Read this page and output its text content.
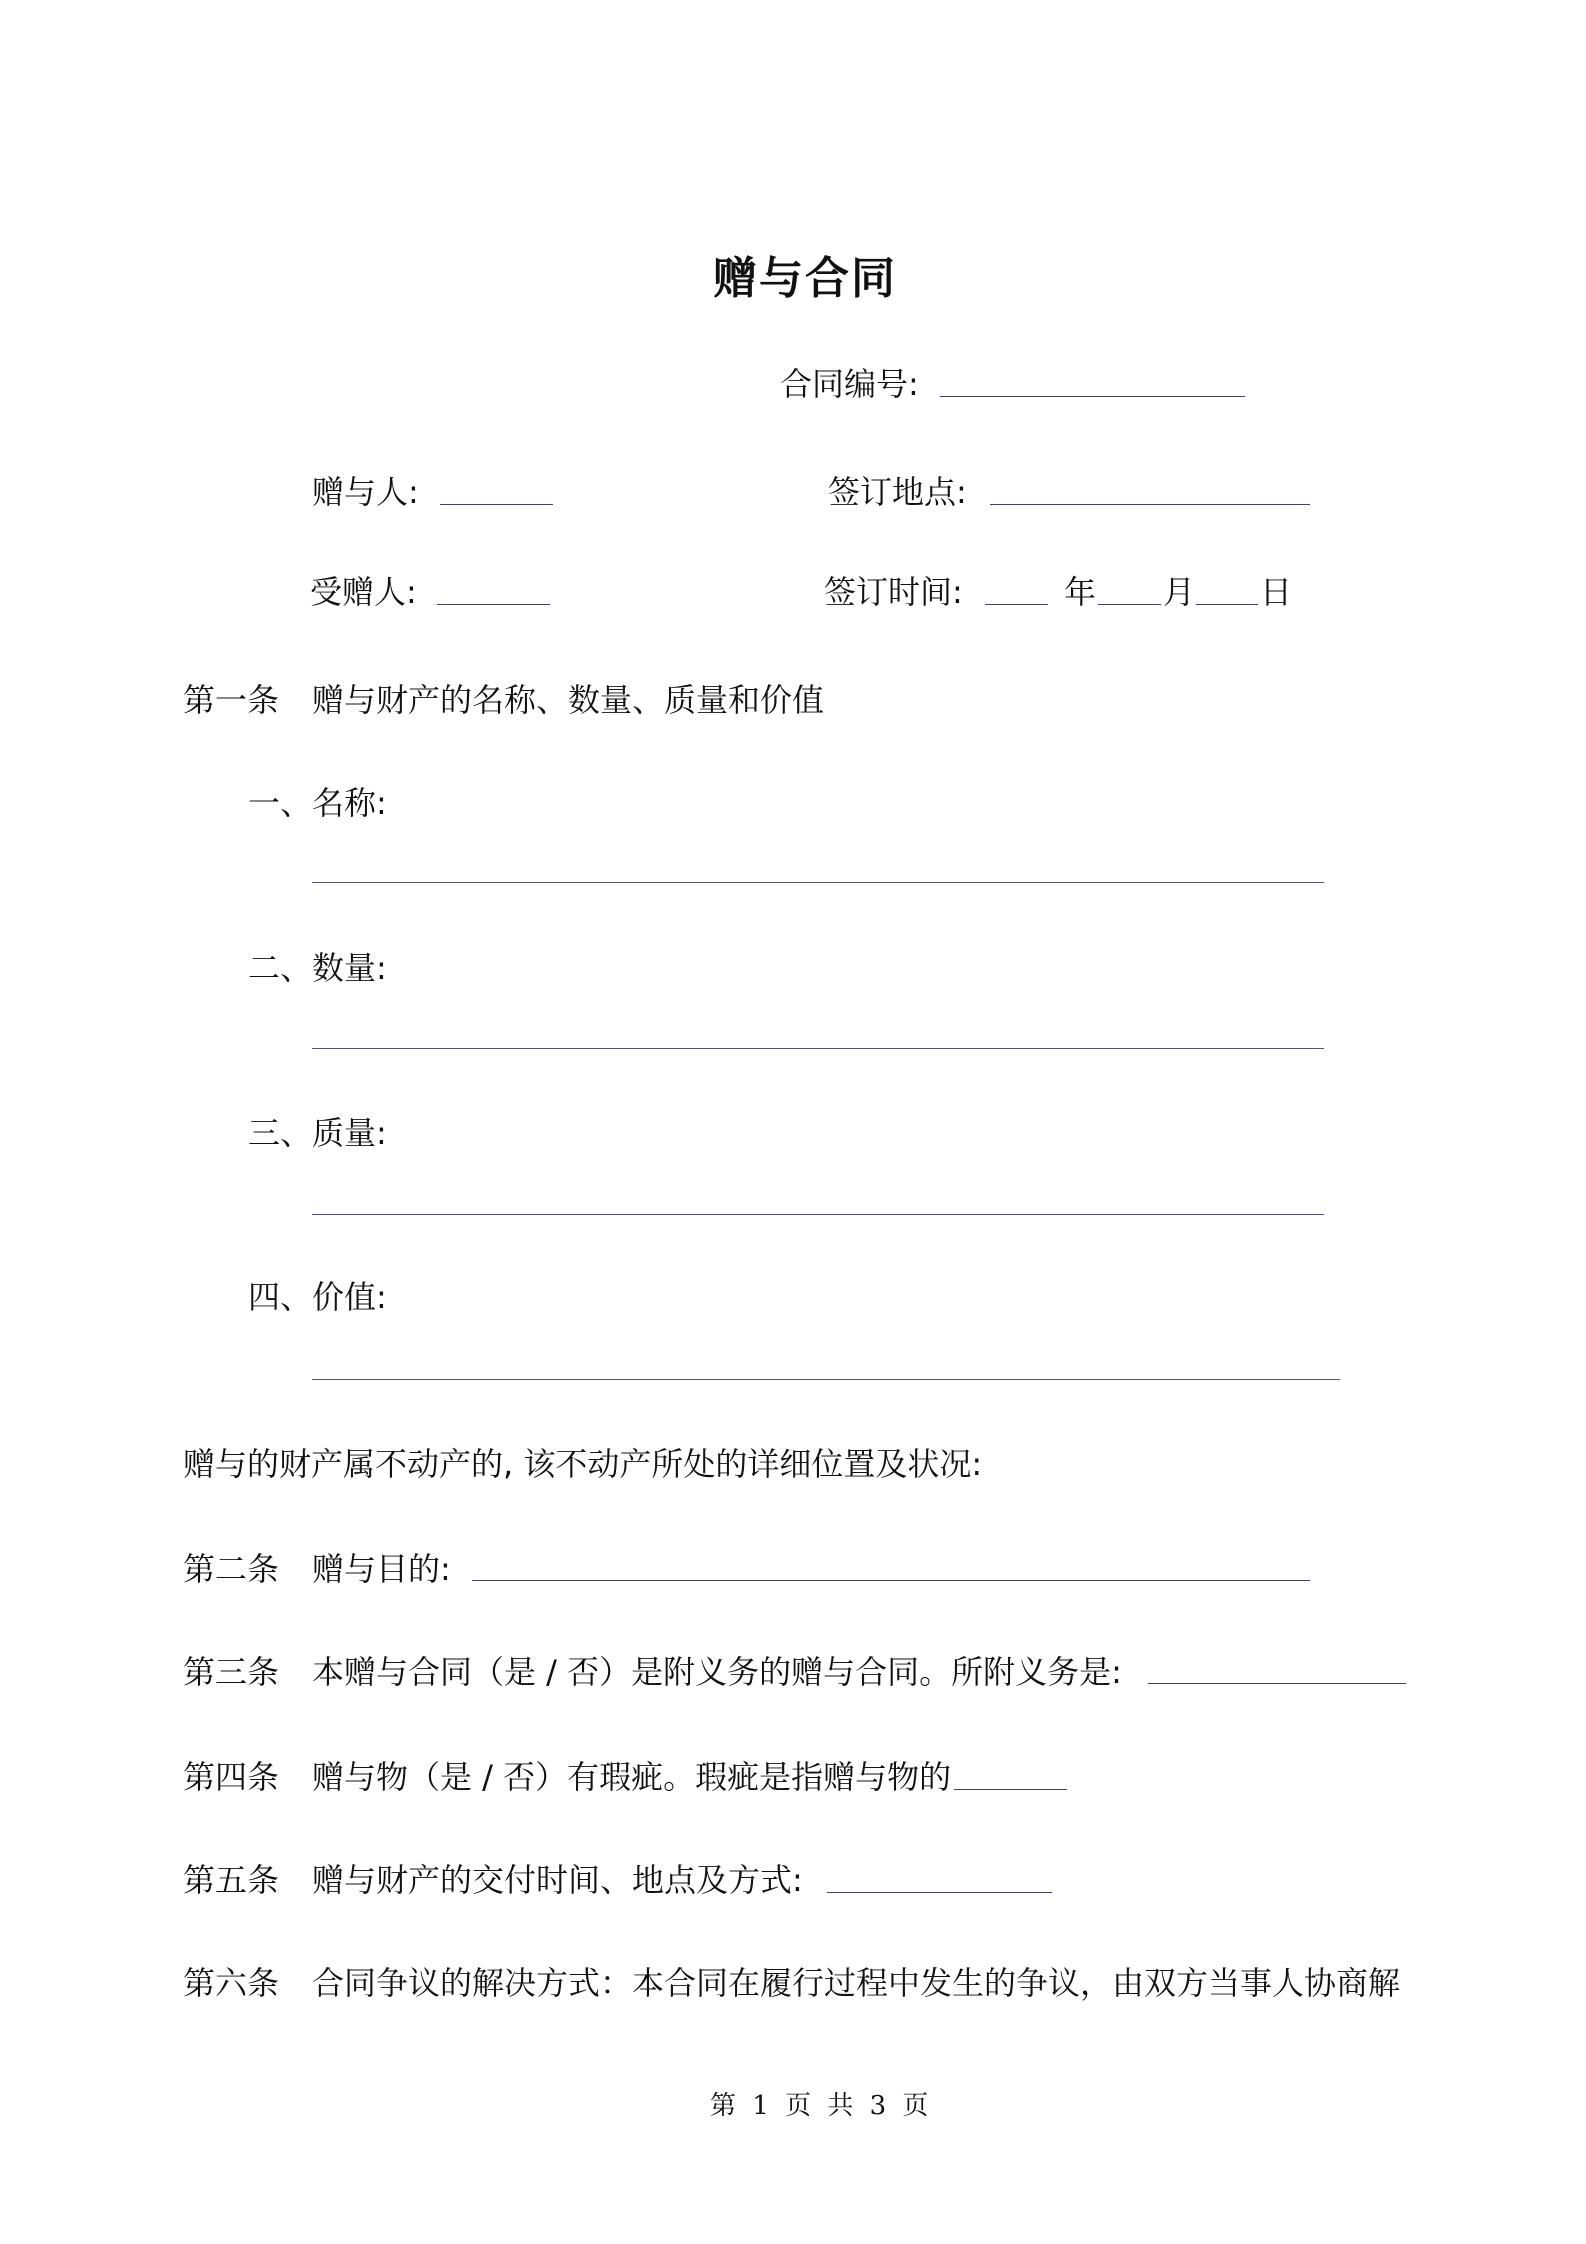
赠与合同
合同编号:
赠与人:	签订地点:
受赠人:	签订时间:	年 月 日
第一条 赠与财产的名称、数量、质量和价值
一、名称:
二、数量:
三、质量:
四、价值:
赠与的财产属不动产的, 该不动产所处的详细位置及状况:
第二条 赠与目的:
第三条 本赠与合同（是 / 否）是附义务的赠与合同。所附义务是:
第四条 赠与物（是 / 否）有瑕疵。瑕疵是指赠与物的
第五条 赠与财产的交付时间、地点及方式:
第六条 合同争议的解决方式：本合同在履行过程中发生的争议，由双方当事人协商解
第 1 页 共 3 页
